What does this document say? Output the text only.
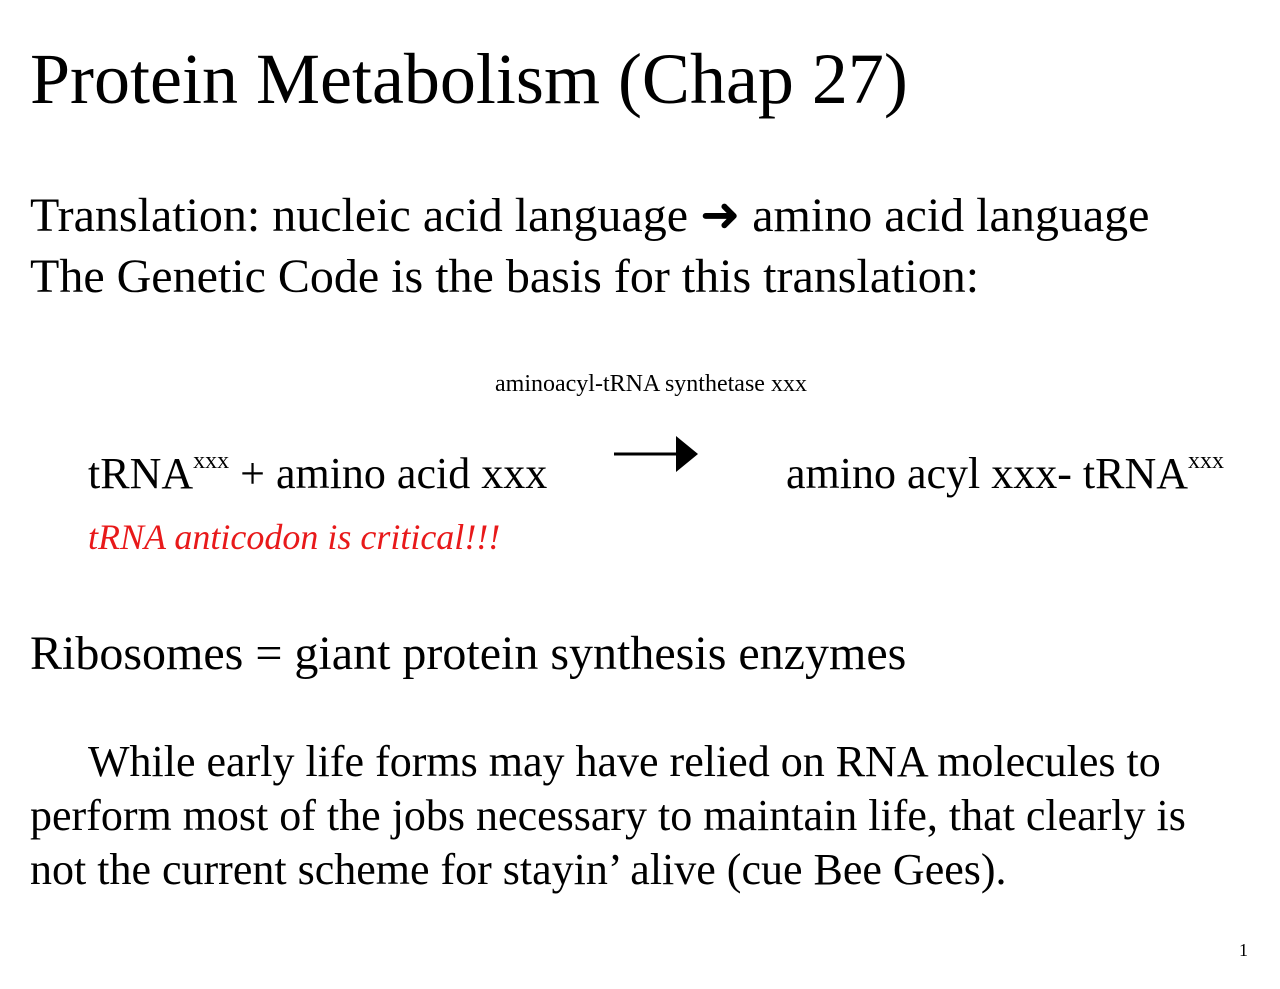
Protein Metabolism (Chap 27)
Translation: nucleic acid language ➜ amino acid language
The Genetic Code is the basis for this translation:
aminoacyl-tRNA synthetase xxx
tRNA$^{xxx}$ + amino acid xxx	amino acyl xxx- tRNA$^{xxx}$
tRNA anticodon is critical!!!
Ribosomes = giant protein synthesis enzymes
While early life forms may have relied on RNA molecules to
perform most of the jobs necessary to maintain life, that clearly is
not the current scheme for stayin’ alive (cue Bee Gees).
1
